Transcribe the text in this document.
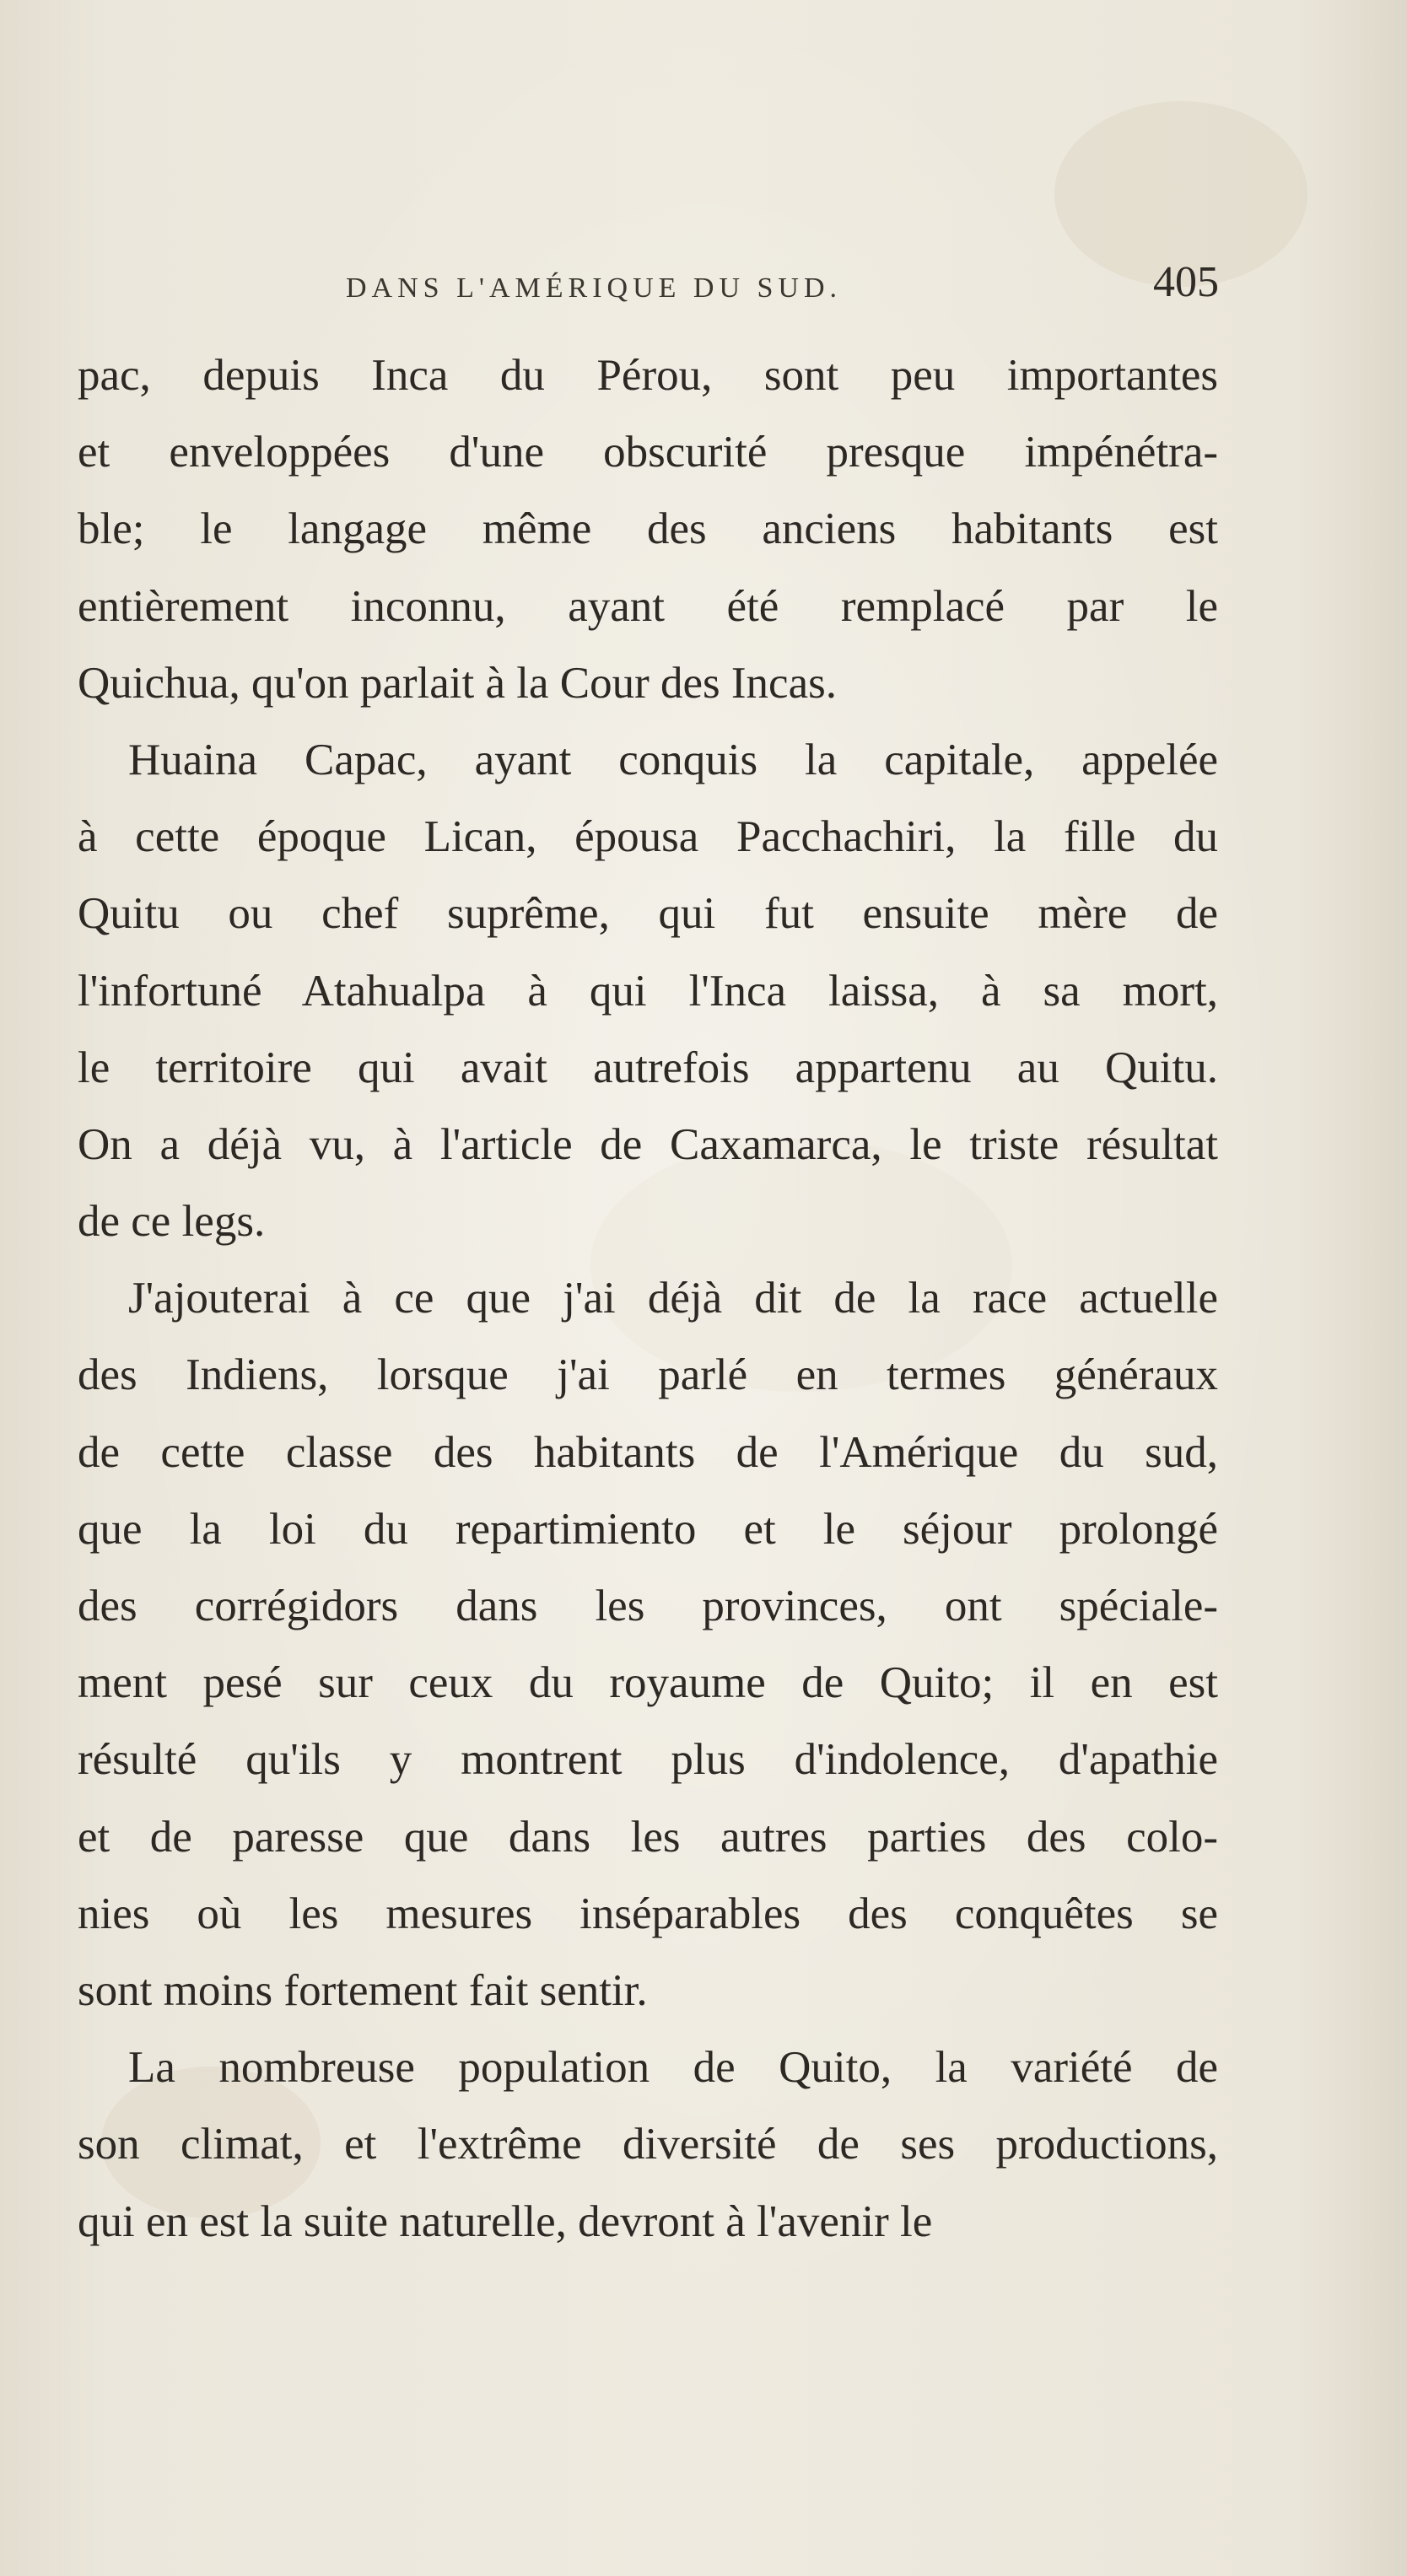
DANS L'AMÉRIQUE DU SUD.	405
pac, depuis Inca du Pérou, sont peu importantes
et enveloppées d'une obscurité presque impénétra-
ble; le langage même des anciens habitants est
entièrement inconnu, ayant été remplacé par le
Quichua, qu'on parlait à la Cour des Incas.
Huaina Capac, ayant conquis la capitale, appelée
à cette époque Lican, épousa Pacchachiri, la fille du
Quitu ou chef suprême, qui fut ensuite mère de
l'infortuné Atahualpa à qui l'Inca laissa, à sa mort,
le territoire qui avait autrefois appartenu au Quitu.
On a déjà vu, à l'article de Caxamarca, le triste résultat
de ce legs.
J'ajouterai à ce que j'ai déjà dit de la race actuelle
des Indiens, lorsque j'ai parlé en termes généraux
de cette classe des habitants de l'Amérique du sud,
que la loi du repartimiento et le séjour prolongé
des corrégidors dans les provinces, ont spéciale-
ment pesé sur ceux du royaume de Quito; il en est
résulté qu'ils y montrent plus d'indolence, d'apathie
et de paresse que dans les autres parties des colo-
nies où les mesures inséparables des conquêtes se
sont moins fortement fait sentir.
La nombreuse population de Quito, la variété de
son climat, et l'extrême diversité de ses productions,
qui en est la suite naturelle, devront à l'avenir le
